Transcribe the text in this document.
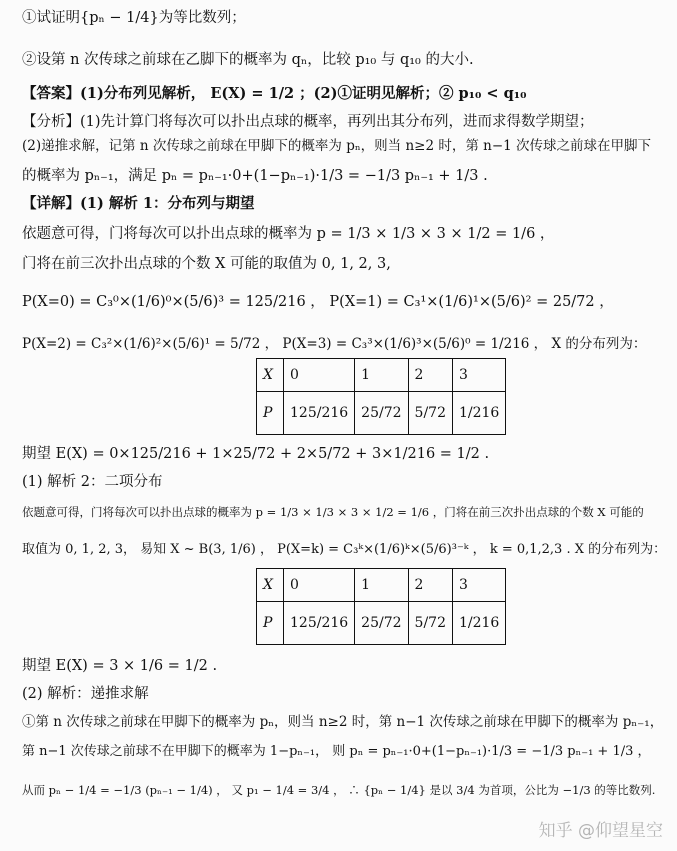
①试证明{pₙ − 1/4}为等比数列；
②设第 n 次传球之前球在乙脚下的概率为 qₙ，比较 p₁₀ 与 q₁₀ 的大小.
【答案】(1)分布列见解析， E(X) = 1/2 ；(2)①证明见解析；② p₁₀ < q₁₀
【分析】(1)先计算门将每次可以扑出点球的概率，再列出其分布列，进而求得数学期望；
(2)递推求解，记第 n 次传球之前球在甲脚下的概率为 pₙ，则当 n≥2 时，第 n−1 次传球之前球在甲脚下
的概率为 pₙ₋₁，满足 pₙ = pₙ₋₁·0+(1−pₙ₋₁)·1/3 = −1/3 pₙ₋₁ + 1/3 .
【详解】(1) 解析 1：分布列与期望
依题意可得，门将每次可以扑出点球的概率为 p = 1/3 × 1/3 × 3 × 1/2 = 1/6 ，
门将在前三次扑出点球的个数 X 可能的取值为 0, 1, 2, 3,
P(X=0) = C₃⁰×(1/6)⁰×(5/6)³ = 125/216 ， P(X=1) = C₃¹×(1/6)¹×(5/6)² = 25/72 ，
P(X=2) = C₃²×(1/6)²×(5/6)¹ = 5/72 ， P(X=3) = C₃³×(1/6)³×(5/6)⁰ = 1/216 ， X 的分布列为：
X	0	1	2	3
P	125/216	25/72	5/72	1/216
期望 E(X) = 0×125/216 + 1×25/72 + 2×5/72 + 3×1/216 = 1/2 .
(1) 解析 2：二项分布
依题意可得，门将每次可以扑出点球的概率为 p = 1/3 × 1/3 × 3 × 1/2 = 1/6 ，门将在前三次扑出点球的个数 X 可能的
取值为 0, 1, 2, 3， 易知 X ~ B(3, 1/6) ， P(X=k) = C₃ᵏ×(1/6)ᵏ×(5/6)³⁻ᵏ ， k = 0,1,2,3 . X 的分布列为：
X	0	1	2	3
P	125/216	25/72	5/72	1/216
期望 E(X) = 3 × 1/6 = 1/2 .
(2) 解析：递推求解
①第 n 次传球之前球在甲脚下的概率为 pₙ，则当 n≥2 时，第 n−1 次传球之前球在甲脚下的概率为 pₙ₋₁，
第 n−1 次传球之前球不在甲脚下的概率为 1−pₙ₋₁， 则 pₙ = pₙ₋₁·0+(1−pₙ₋₁)·1/3 = −1/3 pₙ₋₁ + 1/3 ，
从而 pₙ − 1/4 = −1/3 (pₙ₋₁ − 1/4) ， 又 p₁ − 1/4 = 3/4 ， ∴ {pₙ − 1/4} 是以 3/4 为首项，公比为 −1/3 的等比数列.
知乎 @仰望星空
